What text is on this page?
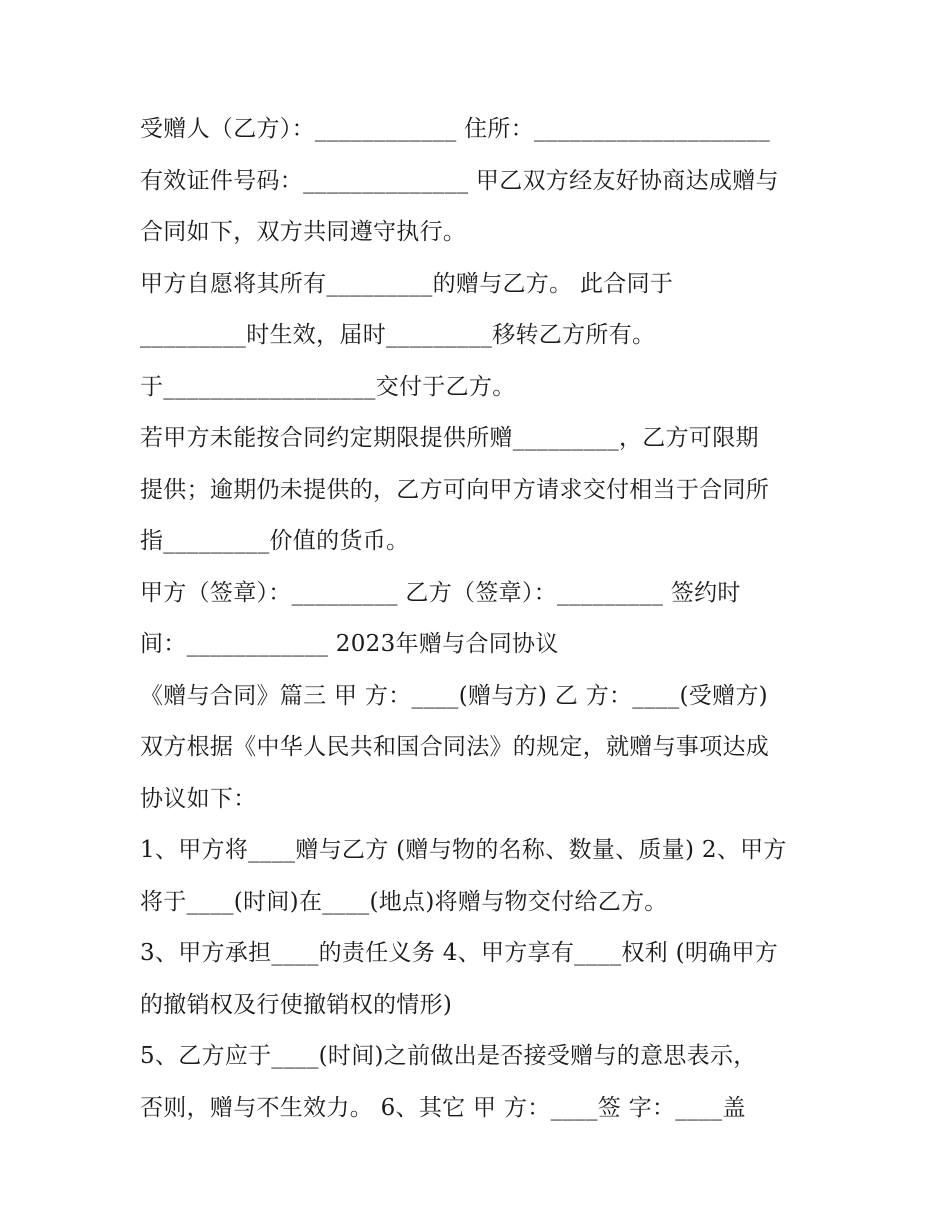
受赠人（乙方）：____________ 住所：____________________
有效证件号码：______________ 甲乙双方经友好协商达成赠与
合同如下，双方共同遵守执行。
甲方自愿将其所有_________的赠与乙方。 此合同于
_________时生效，届时_________移转乙方所有。
于__________________交付于乙方。
若甲方未能按合同约定期限提供所赠_________，乙方可限期
提供；逾期仍未提供的，乙方可向甲方请求交付相当于合同所
指_________价值的货币。
甲方（签章）：_________ 乙方（签章）：_________ 签约时
间：____________ 2023年赠与合同协议
《赠与合同》篇三 甲 方：____(赠与方) 乙 方：____(受赠方)
双方根据《中华人民共和国合同法》的规定，就赠与事项达成
协议如下：
1、甲方将____赠与乙方 (赠与物的名称、数量、质量) 2、甲方
将于____(时间)在____(地点)将赠与物交付给乙方。
3、甲方承担____的责任义务 4、甲方享有____权利 (明确甲方
的撤销权及行使撤销权的情形)
5、乙方应于____(时间)之前做出是否接受赠与的意思表示，
否则，赠与不生效力。 6、其它 甲 方：____签 字：____盖
